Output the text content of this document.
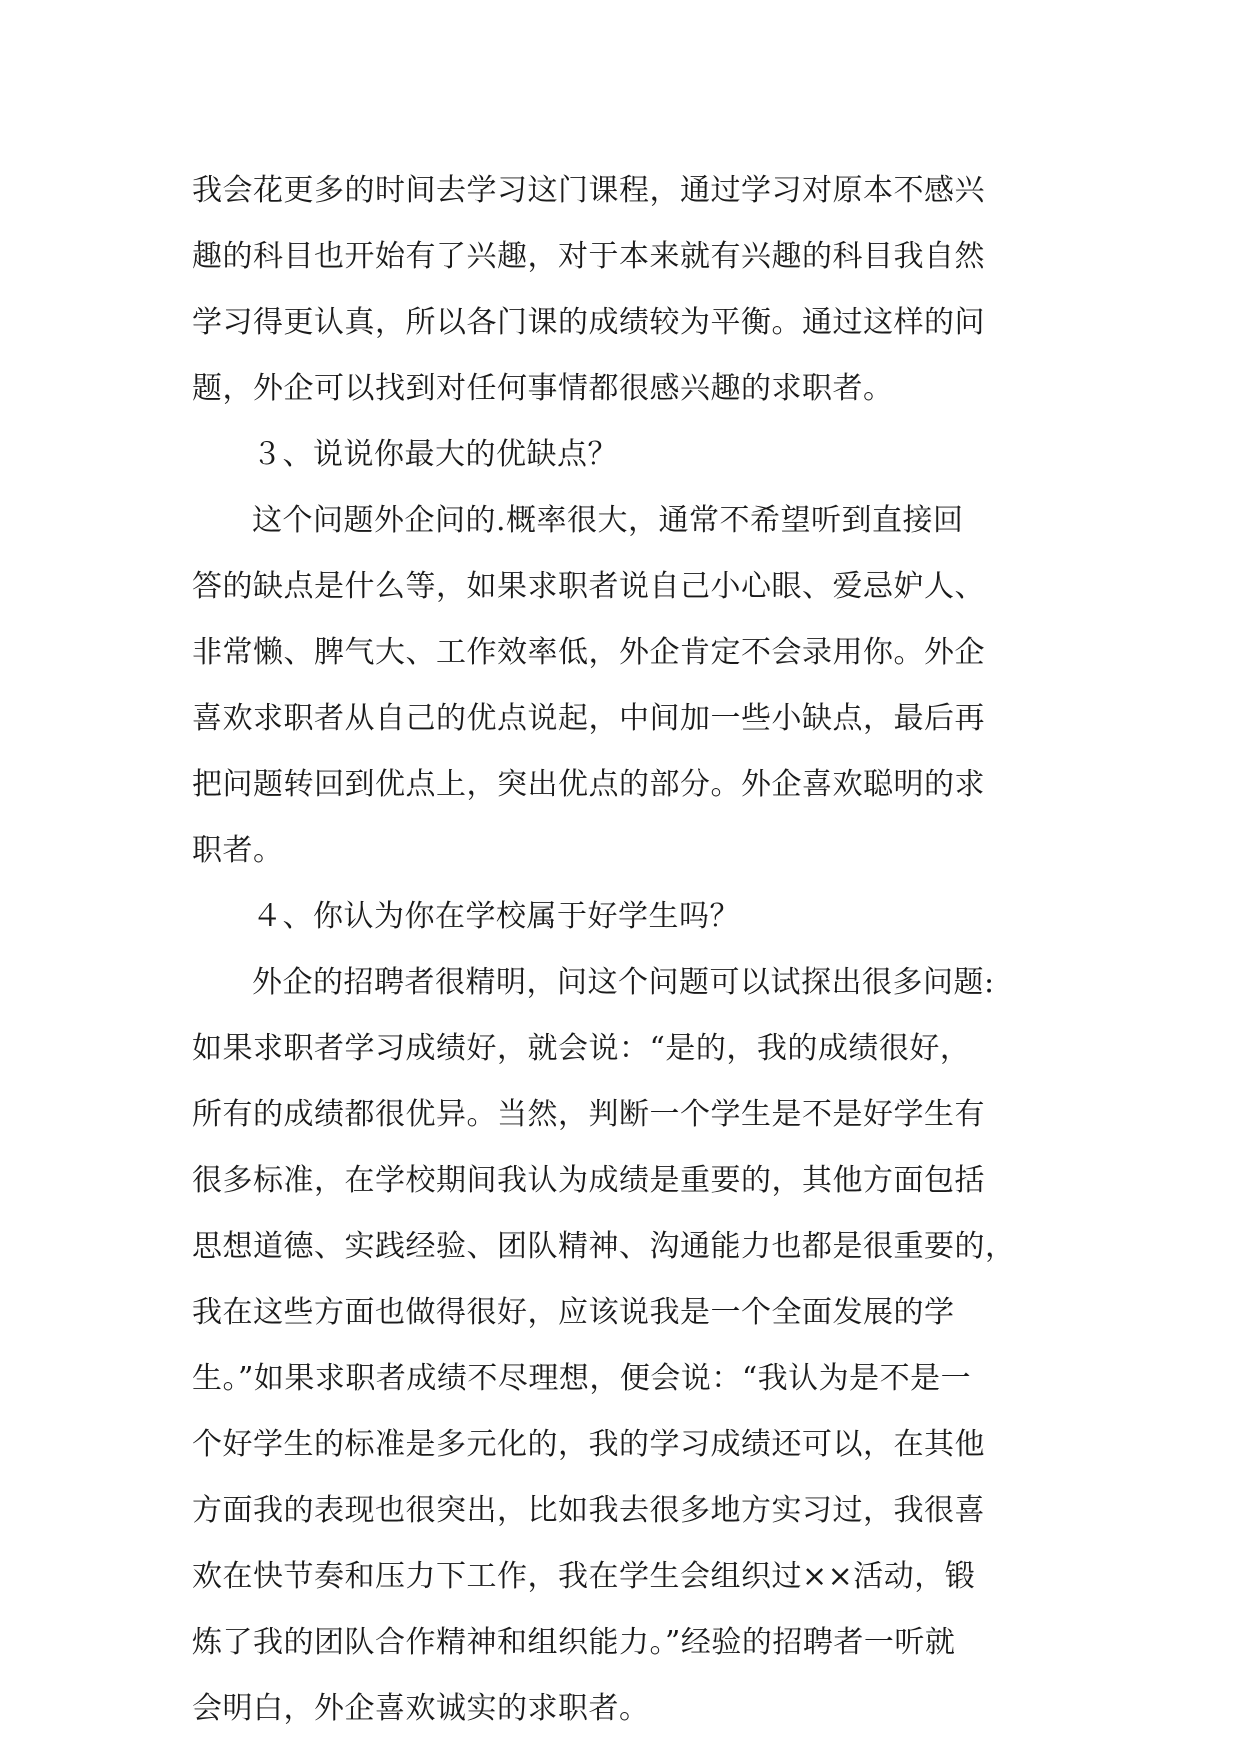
我会花更多的时间去学习这门课程，通过学习对原本不感兴
趣的科目也开始有了兴趣，对于本来就有兴趣的科目我自然
学习得更认真，所以各门课的成绩较为平衡。通过这样的问
题，外企可以找到对任何事情都很感兴趣的求职者。
３、说说你最大的优缺点？
这个问题外企问的.概率很大，通常不希望听到直接回
答的缺点是什么等，如果求职者说自己小心眼、爱忌妒人、
非常懒、脾气大、工作效率低，外企肯定不会录用你。外企
喜欢求职者从自己的优点说起，中间加一些小缺点，最后再
把问题转回到优点上，突出优点的部分。外企喜欢聪明的求
职者。
４、你认为你在学校属于好学生吗？
外企的招聘者很精明，问这个问题可以试探出很多问题:
如果求职者学习成绩好，就会说：“是的，我的成绩很好，
所有的成绩都很优异。当然，判断一个学生是不是好学生有
很多标准，在学校期间我认为成绩是重要的，其他方面包括
思想道德、实践经验、团队精神、沟通能力也都是很重要的，
我在这些方面也做得很好，应该说我是一个全面发展的学
生。”如果求职者成绩不尽理想，便会说：“我认为是不是一
个好学生的标准是多元化的，我的学习成绩还可以，在其他
方面我的表现也很突出，比如我去很多地方实习过，我很喜
欢在快节奏和压力下工作，我在学生会组织过××活动，锻
炼了我的团队合作精神和组织能力。”经验的招聘者一听就
会明白，外企喜欢诚实的求职者。
